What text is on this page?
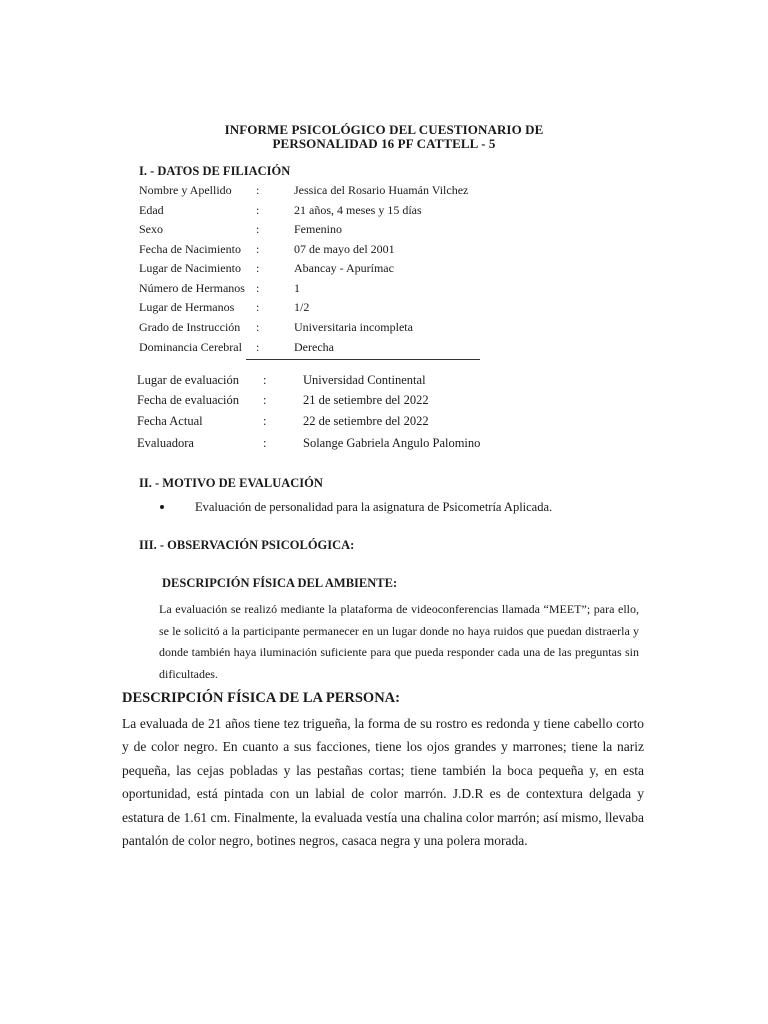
INFORME PSICOLÓGICO DEL CUESTIONARIO DE
PERSONALIDAD 16 PF CATTELL - 5
I. - DATOS DE FILIACIÓN
Nombre y Apellido :	Jessica del Rosario Huamán Vilchez
Edad	:	21 años, 4 meses y 15 días
Sexo	:	Femenino
Fecha de Nacimiento :	07 de mayo del 2001
Lugar de Nacimiento :	Abancay - Apurímac
Número de Hermanos :	1
Lugar de Hermanos :	1/2
Grado de Instrucción :	Universitaria incompleta
Dominancia Cerebral :	Derecha
Lugar de evaluación :	Universidad Continental
Fecha de evaluación :	21 de setiembre del 2022
Fecha Actual	:	22 de setiembre del 2022
Evaluadora	:	Solange Gabriela Angulo Palomino
II. - MOTIVO DE EVALUACIÓN
Evaluación de personalidad para la asignatura de Psicometría Aplicada.
III. - OBSERVACIÓN PSICOLÓGICA:
DESCRIPCIÓN FÍSICA DEL AMBIENTE:
La evaluación se realizó mediante la plataforma de videoconferencias llamada “MEET”; para ello, se le solicitó a la participante permanecer en un lugar donde no haya ruidos que puedan distraerla y donde también haya iluminación suficiente para que pueda responder cada una de las preguntas sin dificultades.
DESCRIPCIÓN FÍSICA DE LA PERSONA:
La evaluada de 21 años tiene tez trigueña, la forma de su rostro es redonda y tiene cabello corto y de color negro. En cuanto a sus facciones, tiene los ojos grandes y marrones; tiene la nariz pequeña, las cejas pobladas y las pestañas cortas; tiene también la boca pequeña y, en esta oportunidad, está pintada con un labial de color marrón. J.D.R es de contextura delgada y estatura de 1.61 cm. Finalmente, la evaluada vestía una chalina color marrón; así mismo, llevaba pantalón de color negro, botines negros, casaca negra y una polera morada.
